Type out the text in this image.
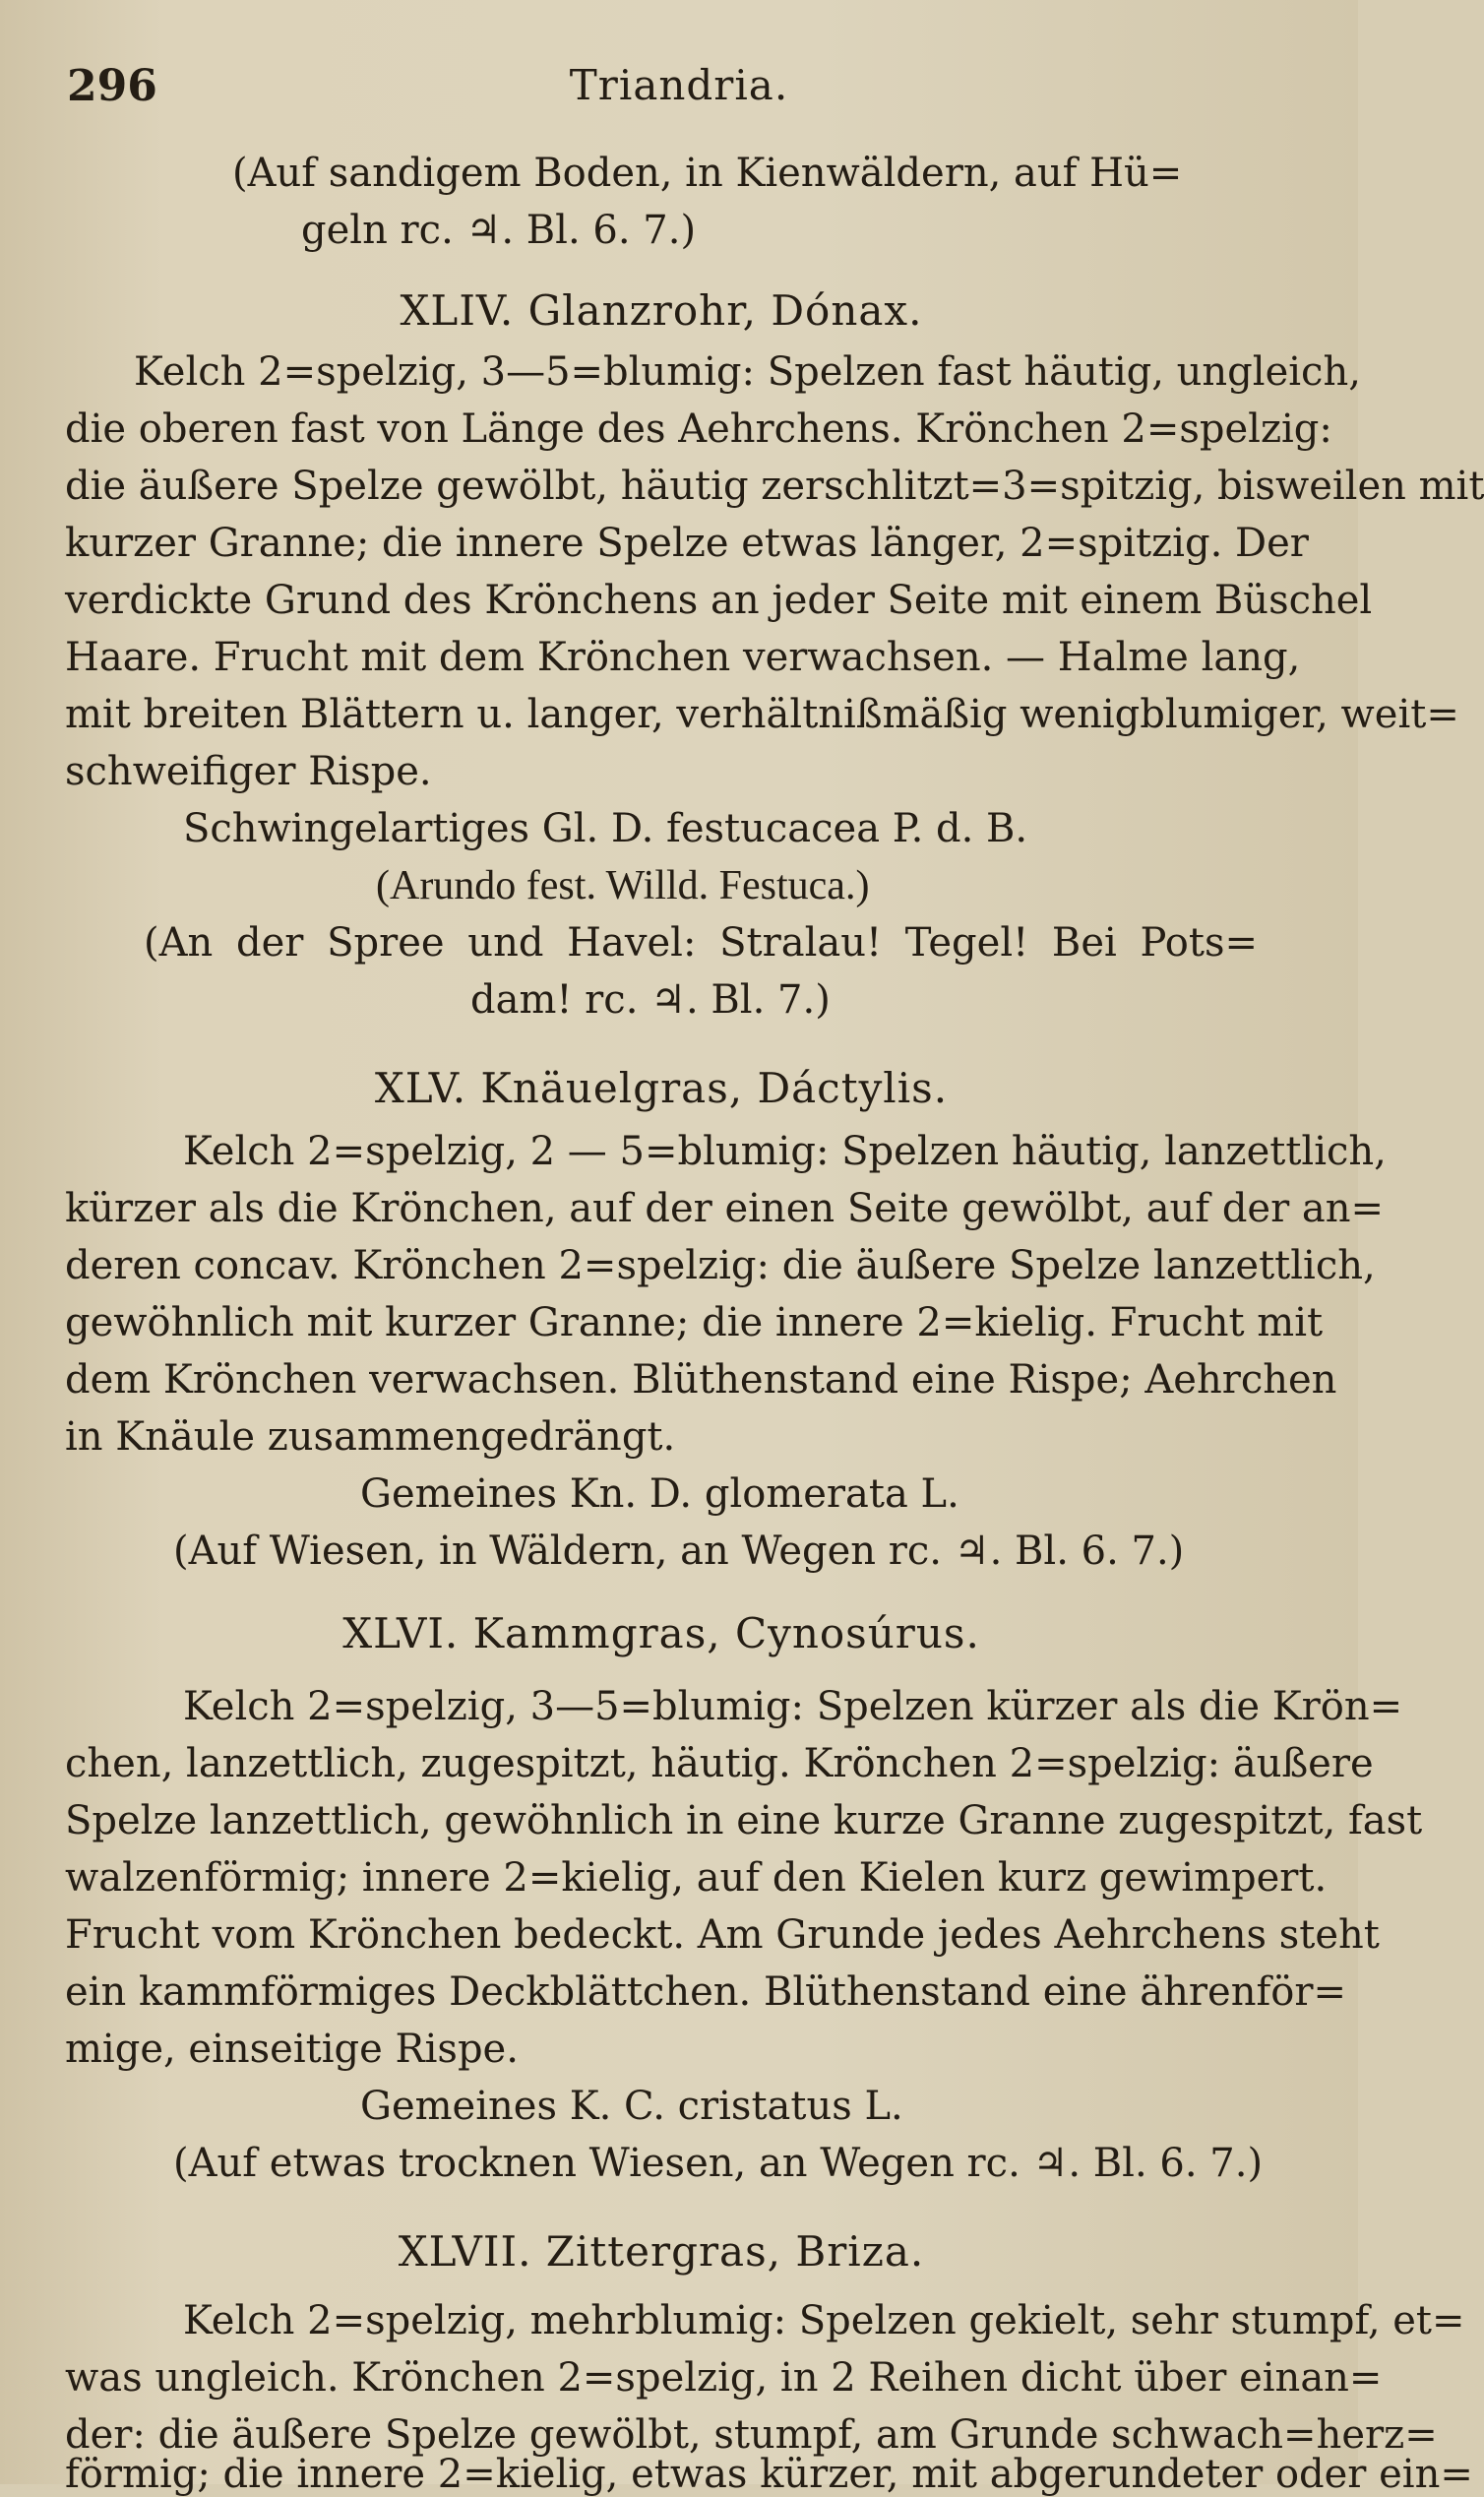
296	Triandria.
(Auf sandigem Boden, in Kienwäldern, auf Hü=
geln rc. ♃. Bl. 6. 7.)
XLIV. Glanzrohr, Dónax.
Kelch 2=spelzig, 3—5=blumig: Spelzen fast häutig, ungleich,
die oberen fast von Länge des Aehrchens. Krönchen 2=spelzig:
die äußere Spelze gewölbt, häutig zerschlitzt=3=spitzig, bisweilen mit
kurzer Granne; die innere Spelze etwas länger, 2=spitzig. Der
verdickte Grund des Krönchens an jeder Seite mit einem Büschel
Haare. Frucht mit dem Krönchen verwachsen. — Halme lang,
mit breiten Blättern u. langer, verhältnißmäßig wenigblumiger, weit=
schweifiger Rispe.
Schwingelartiges Gl. D. festucacea P. d. B.
(Arundo fest. Willd. Festuca.)
(An der Spree und Havel: Stralau! Tegel! Bei Pots=
dam! rc. ♃. Bl. 7.)
XLV. Knäuelgras, Dáctylis.
Kelch 2=spelzig, 2 — 5=blumig: Spelzen häutig, lanzettlich,
kürzer als die Krönchen, auf der einen Seite gewölbt, auf der an=
deren concav. Krönchen 2=spelzig: die äußere Spelze lanzettlich,
gewöhnlich mit kurzer Granne; die innere 2=kielig. Frucht mit
dem Krönchen verwachsen. Blüthenstand eine Rispe; Aehrchen
in Knäule zusammengedrängt.
Gemeines Kn. D. glomerata L.
(Auf Wiesen, in Wäldern, an Wegen rc. ♃. Bl. 6. 7.)
XLVI. Kammgras, Cynosúrus.
Kelch 2=spelzig, 3—5=blumig: Spelzen kürzer als die Krön=
chen, lanzettlich, zugespitzt, häutig. Krönchen 2=spelzig: äußere
Spelze lanzettlich, gewöhnlich in eine kurze Granne zugespitzt, fast
walzenförmig; innere 2=kielig, auf den Kielen kurz gewimpert.
Frucht vom Krönchen bedeckt. Am Grunde jedes Aehrchens steht
ein kammförmiges Deckblättchen. Blüthenstand eine ährenför=
mige, einseitige Rispe.
Gemeines K. C. cristatus L.
(Auf etwas trocknen Wiesen, an Wegen rc. ♃. Bl. 6. 7.)
XLVII. Zittergras, Briza.
Kelch 2=spelzig, mehrblumig: Spelzen gekielt, sehr stumpf, et=
was ungleich. Krönchen 2=spelzig, in 2 Reihen dicht über einan=
der: die äußere Spelze gewölbt, stumpf, am Grunde schwach=herz=
förmig; die innere 2=kielig, etwas kürzer, mit abgerundeter oder ein=
